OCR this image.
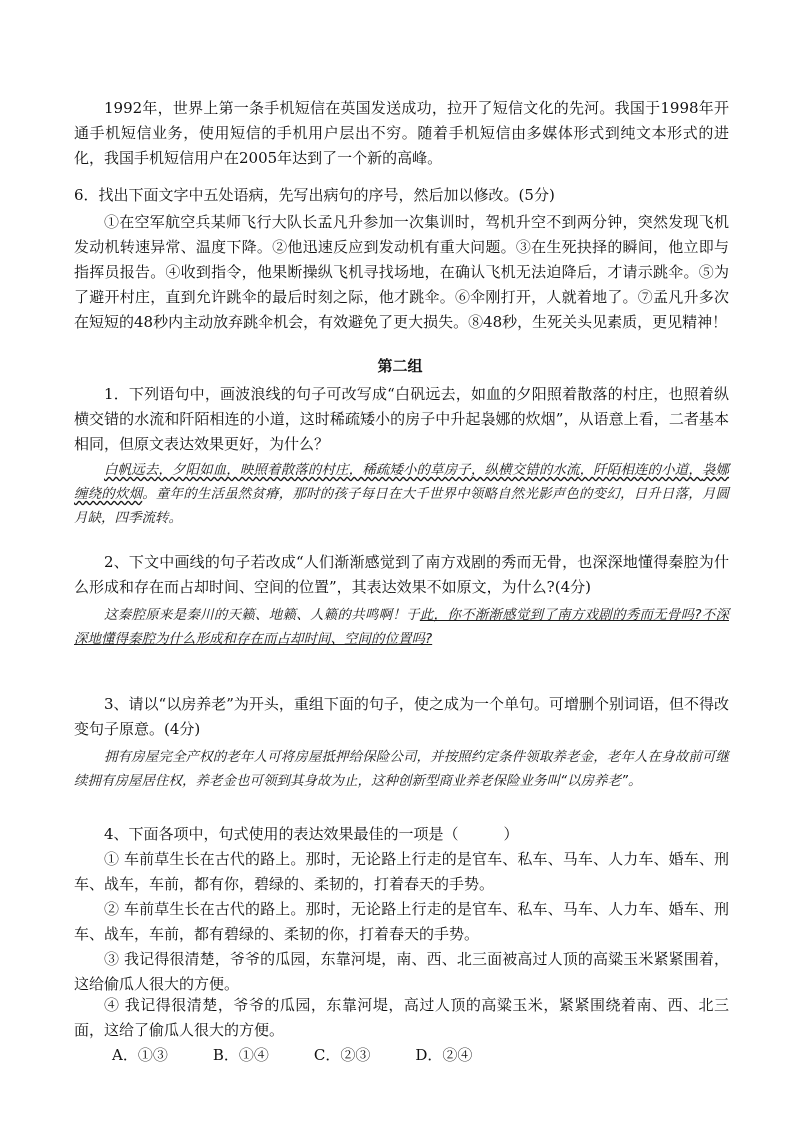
1992年，世界上第一条手机短信在英国发送成功，拉开了短信文化的先河。我国于1998年开通手机短信业务，使用短信的手机用户层出不穷。随着手机短信由多媒体形式到纯文本形式的进化，我国手机短信用户在2005年达到了一个新的高峰。

6．找出下面文字中五处语病，先写出病句的序号，然后加以修改。(5分)

①在空军航空兵某师飞行大队长孟凡升参加一次集训时，驾机升空不到两分钟，突然发现飞机发动机转速异常、温度下降。②他迅速反应到发动机有重大问题。③在生死抉择的瞬间，他立即与指挥员报告。④收到指令，他果断操纵飞机寻找场地，在确认飞机无法迫降后，才请示跳伞。⑤为了避开村庄，直到允许跳伞的最后时刻之际，他才跳伞。⑥伞刚打开，人就着地了。⑦孟凡升多次在短短的48秒内主动放弃跳伞机会，有效避免了更大损失。⑧48秒，生死关头见素质，更见精神！

第二组

1．下列语句中，画波浪线的句子可改写成“白矾远去，如血的夕阳照着散落的村庄，也照着纵横交错的水流和阡陌相连的小道，这时稀疏矮小的房子中升起袅娜的炊烟”，从语意上看，二者基本相同，但原文表达效果更好，为什么？

白帆远去，夕阳如血，映照着散落的村庄，稀疏矮小的草房子，纵横交错的水流，阡陌相连的小道，袅娜缠绕的炊烟。童年的生活虽然贫瘠，那时的孩子每日在大千世界中领略自然光影声色的变幻，日升日落，月圆月缺，四季流转。

2、下文中画线的句子若改成“人们渐渐感觉到了南方戏剧的秀而无骨，也深深地懂得秦腔为什么形成和存在而占却时间、空间的位置”，其表达效果不如原文，为什么?(4分)

这秦腔原来是秦川的天籁、地籁、人籁的共鸣啊！于此，你不渐渐感觉到了南方戏剧的秀而无骨吗?不深深地懂得秦腔为什么形成和存在而占却时间、空间的位置吗?

3、请以“以房养老”为开头，重组下面的句子，使之成为一个单句。可增删个别词语，但不得改变句子原意。(4分)

拥有房屋完全产权的老年人可将房屋抵押给保险公司，并按照约定条件领取养老金，老年人在身故前可继续拥有房屋居住权，养老金也可领到其身故为止，这种创新型商业养老保险业务叫“以房养老”。

4、下面各项中，句式使用的表达效果最佳的一项是（　　　）

① 车前草生长在古代的路上。那时，无论路上行走的是官车、私车、马车、人力车、婚车、刑车、战车，车前，都有你，碧绿的、柔韧的，打着春天的手势。

② 车前草生长在古代的路上。那时，无论路上行走的是官车、私车、马车、人力车、婚车、刑车、战车，车前，都有碧绿的、柔韧的你，打着春天的手势。

③ 我记得很清楚，爷爷的瓜园，东靠河堤，南、西、北三面被高过人顶的高粱玉米紧紧围着，这给偷瓜人很大的方便。

④ 我记得很清楚，爷爷的瓜园，东靠河堤，高过人顶的高粱玉米，紧紧围绕着南、西、北三面，这给了偷瓜人很大的方便。

A．①③　　　B．①④　　　C．②③　　　D．②④
